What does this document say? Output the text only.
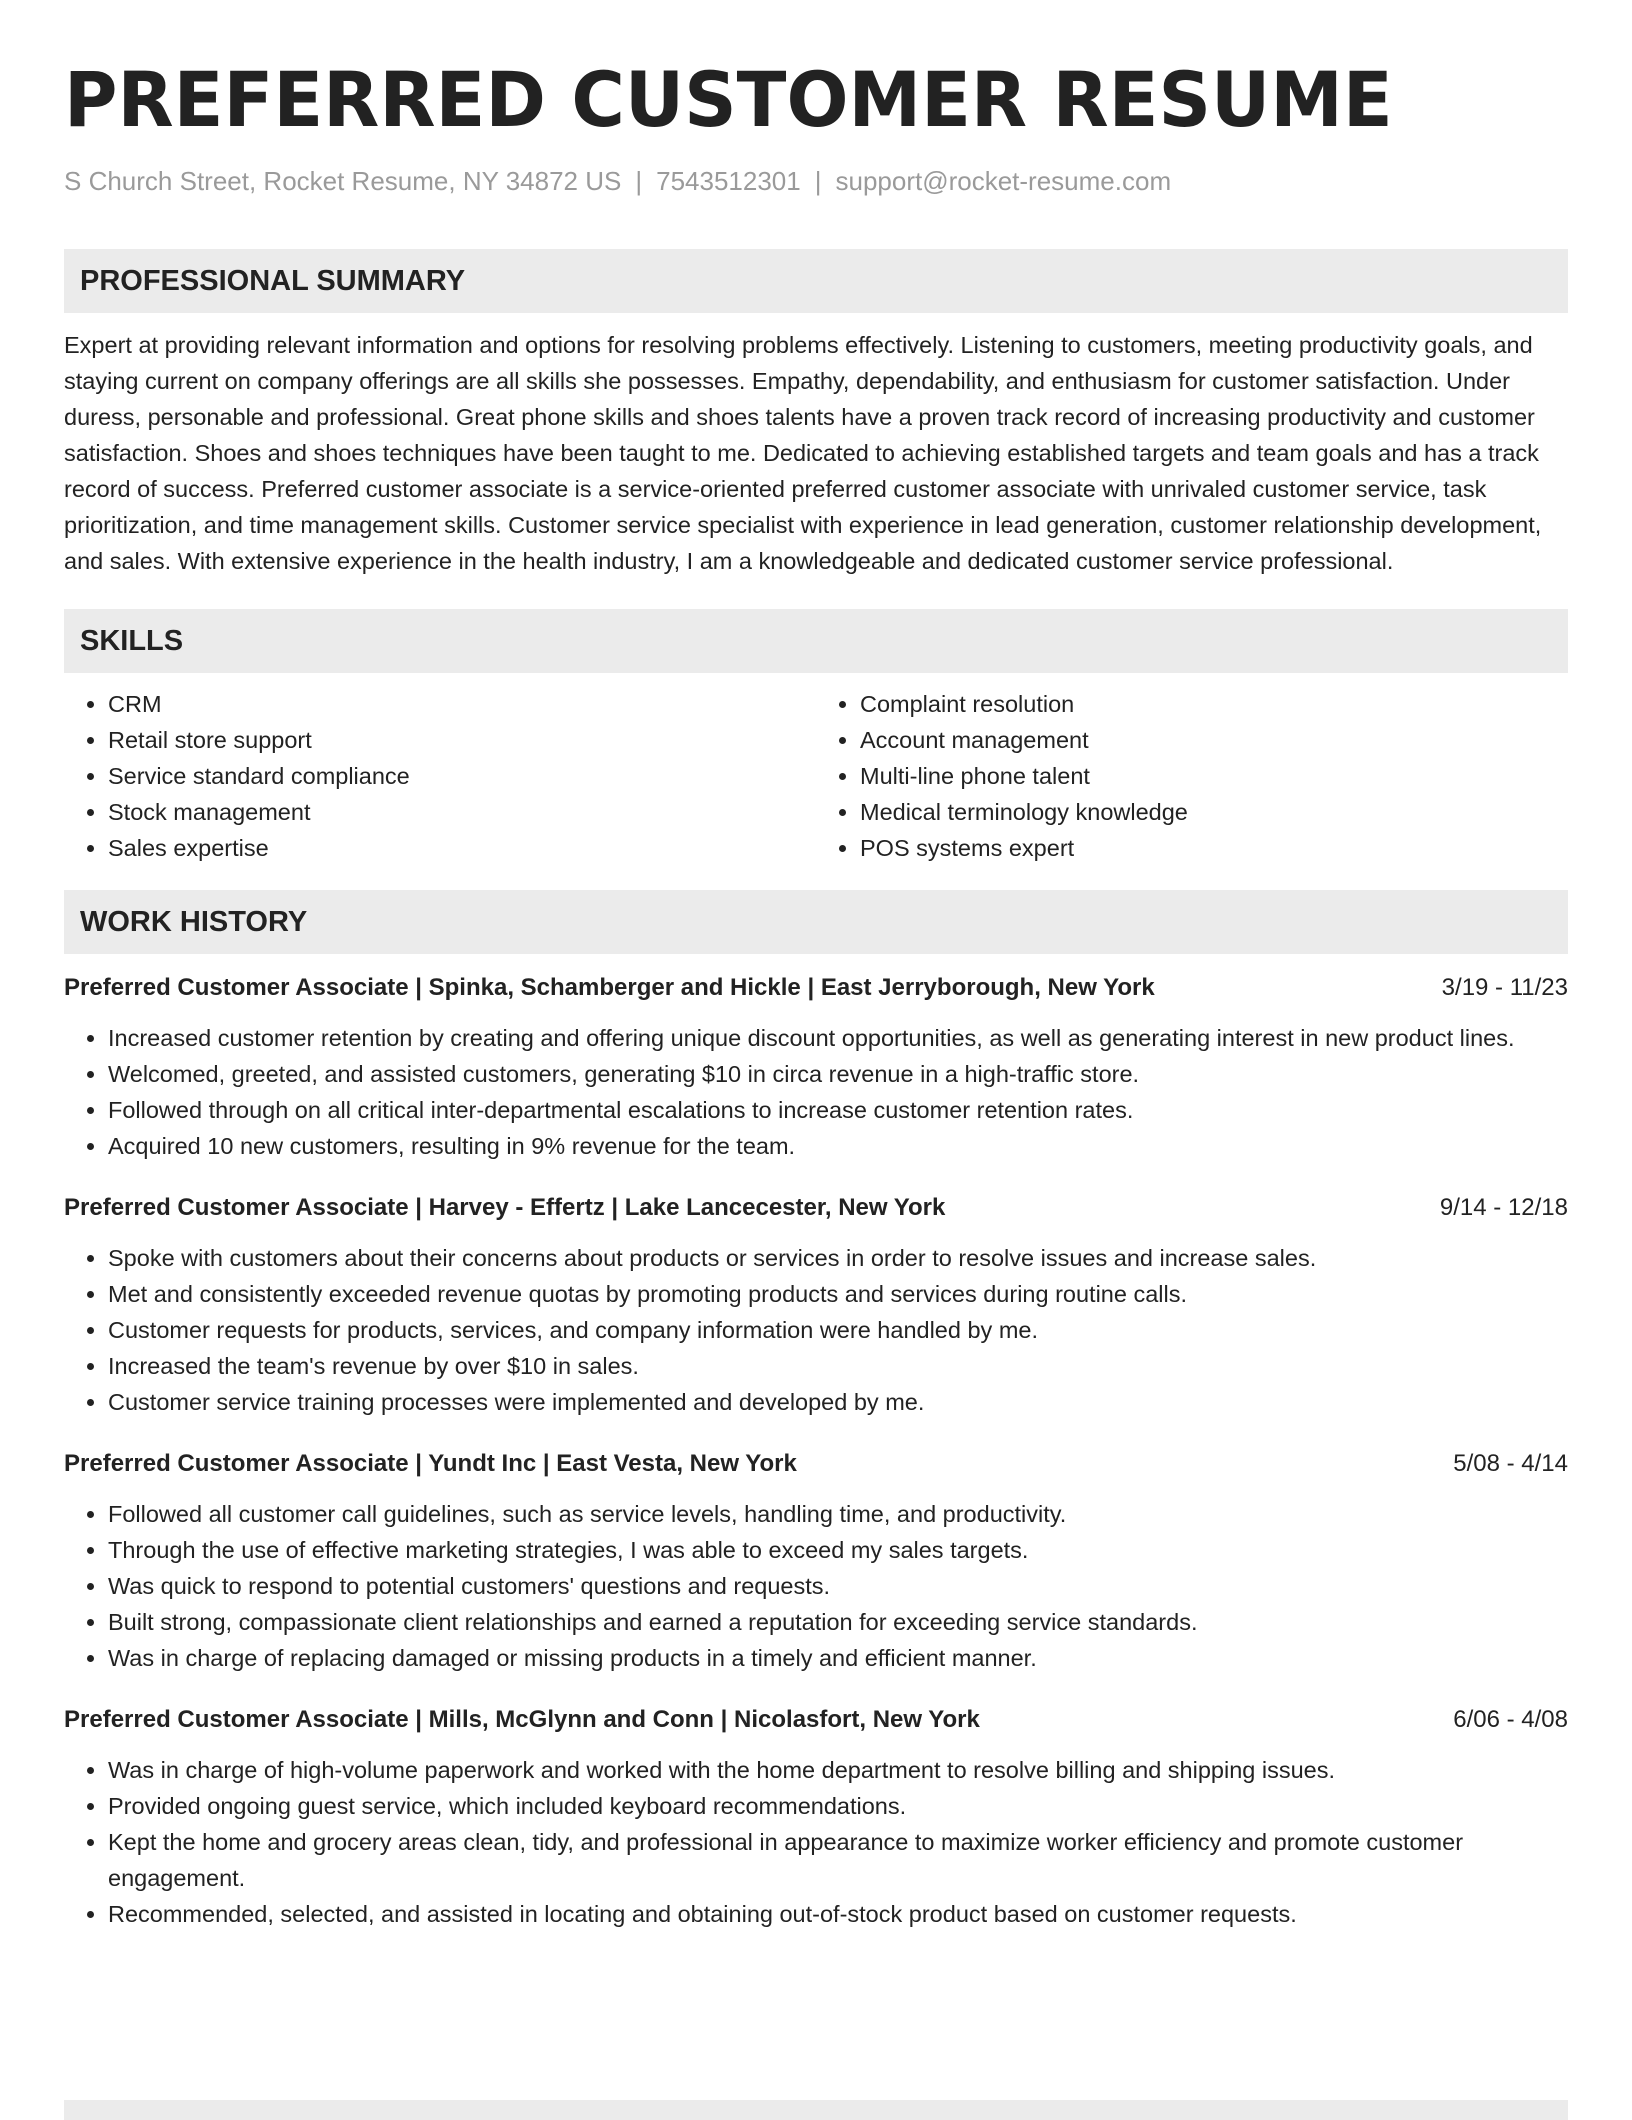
PREFERRED CUSTOMER RESUME
S Church Street, Rocket Resume, NY 34872 US | 7543512301 | support@rocket-resume.com
PROFESSIONAL SUMMARY
Expert at providing relevant information and options for resolving problems effectively. Listening to customers, meeting productivity goals, and staying current on company offerings are all skills she possesses. Empathy, dependability, and enthusiasm for customer satisfaction. Under duress, personable and professional. Great phone skills and shoes talents have a proven track record of increasing productivity and customer satisfaction. Shoes and shoes techniques have been taught to me. Dedicated to achieving established targets and team goals and has a track record of success. Preferred customer associate is a service-oriented preferred customer associate with unrivaled customer service, task prioritization, and time management skills. Customer service specialist with experience in lead generation, customer relationship development, and sales. With extensive experience in the health industry, I am a knowledgeable and dedicated customer service professional.
SKILLS
• CRM
• Retail store support
• Service standard compliance
• Stock management
• Sales expertise
• Complaint resolution
• Account management
• Multi-line phone talent
• Medical terminology knowledge
• POS systems expert
WORK HISTORY
Preferred Customer Associate | Spinka, Schamberger and Hickle | East Jerryborough, New York	3/19 - 11/23
• Increased customer retention by creating and offering unique discount opportunities, as well as generating interest in new product lines.
• Welcomed, greeted, and assisted customers, generating $10 in circa revenue in a high-traffic store.
• Followed through on all critical inter-departmental escalations to increase customer retention rates.
• Acquired 10 new customers, resulting in 9% revenue for the team.
Preferred Customer Associate | Harvey - Effertz | Lake Lancecester, New York	9/14 - 12/18
• Spoke with customers about their concerns about products or services in order to resolve issues and increase sales.
• Met and consistently exceeded revenue quotas by promoting products and services during routine calls.
• Customer requests for products, services, and company information were handled by me.
• Increased the team's revenue by over $10 in sales.
• Customer service training processes were implemented and developed by me.
Preferred Customer Associate | Yundt Inc | East Vesta, New York	5/08 - 4/14
• Followed all customer call guidelines, such as service levels, handling time, and productivity.
• Through the use of effective marketing strategies, I was able to exceed my sales targets.
• Was quick to respond to potential customers' questions and requests.
• Built strong, compassionate client relationships and earned a reputation for exceeding service standards.
• Was in charge of replacing damaged or missing products in a timely and efficient manner.
Preferred Customer Associate | Mills, McGlynn and Conn | Nicolasfort, New York	6/06 - 4/08
• Was in charge of high-volume paperwork and worked with the home department to resolve billing and shipping issues.
• Provided ongoing guest service, which included keyboard recommendations.
• Kept the home and grocery areas clean, tidy, and professional in appearance to maximize worker efficiency and promote customer engagement.
• Recommended, selected, and assisted in locating and obtaining out-of-stock product based on customer requests.
